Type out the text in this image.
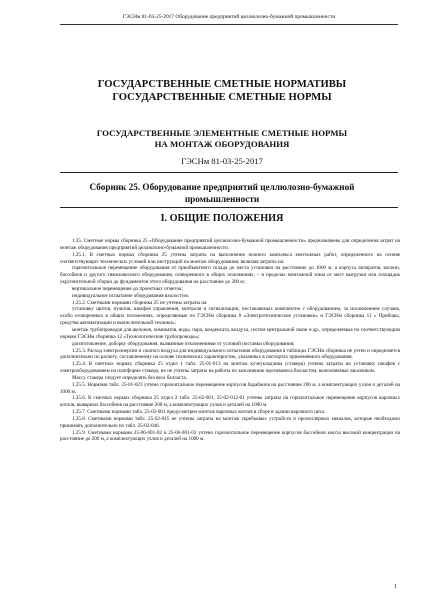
ГЭСНм 81-03-25-2017 Оборудование предприятий целлюлозно-бумажной промышленности
ГОСУДАРСТВЕННЫЕ СМЕТНЫЕ НОРМАТИВЫ
ГОСУДАРСТВЕННЫЕ СМЕТНЫЕ НОРМЫ
ГОСУДАРСТВЕННЫЕ ЭЛЕМЕНТНЫЕ СМЕТНЫЕ НОРМЫ
НА МОНТАЖ ОБОРУДОВАНИЯ
ГЭСНм 81-03-25-2017
Сборник 25. Оборудование предприятий целлюлозно-бумажной
промышленности
I. ОБЩИЕ ПОЛОЖЕНИЯ

1.25. Сметные нормы сборника 25 «Оборудование предприятий целлюлозно-бумажной промышленности» предназначены для определения затрат на монтаж оборудования предприятий целлюлозно-бумажной промышленности.

1.25.1. В сметных нормах сборника 25 учтены затраты на выполнение полного комплекса монтажных работ, определенного на основе соответствующих технических условий или инструкций на монтаж оборудования, включая затраты на:

горизонтальное перемещение оборудования от приобъектного склада до места установки на расстояние до 1000 м, а корпуса аппаратов, колонн, бассейнов и другого тяжеловесного оборудования, оговоренного в общих положениях, – в пределах монтажной зоны от мест выгрузки или площадок укрупнительной сборки до фундаментов этого оборудования на расстояние до 200 м;

вертикальное перемещение до проектных отметок;

индивидуальное испытание оборудования вхолостую.

1.25.2. Сметными нормами сборника 25 не учтены затраты на:

установку щитов, пультов, шкафов управления, контроля и сигнализации, поставляемых комплектно с оборудованием, за исключением случаев, особо оговоренных в общих положениях, определяемые по ГЭСНм сборника 8 «Электротехнические установки» и ГЭСНм сборника 11 « Приборы, средства автоматизации и вычислительной техники»;

монтаж трубопроводов для щелоков, химикатов, воды, пара, конденсата, воздуха, систем центральной связи и др., определяемые по соответствующим нормам ГЭСНм сборника 12 «Технологические трубопроводы»;

доизготовление, доборку оборудования, вызванные отклонениями от условий поставки оборудования;

1.25.3. Расход электроэнергии и сжатого воздуха для индивидуального испытания оборудования в таблицах ГЭСНм сборника не учтен и определяется дополнительно по расчету, составленному на основе технических характеристик, указанных в паспортах применяемого оборудования.

1.25.4. В сметных нормах сборника 25 отдел 1 табл. 25-01-013 на монтаж кучеукладчика (стакера) учтены затраты на установку шкафов с электрооборудованием на платформе стакера, но не учтены затраты на работы по заполнению противовеса балластом, выполняемые заказчиком.

Массу стакера следует определять без веса балласта.

1.25.5. Нормами табл. 25-01-023 учтено горизонтальное перемещение корпусов барабанов на расстояние 200 м, а комплектующих узлов и деталей на 1000 м.

1.25.6. В сметных нормах сборника 25 отдел 2 табл. 25-02-001, 25-02-012-01 учтены затраты на горизонтальное перемещение корпусов варочных котлов, выварных бассейнов на расстояние 200 м, а комплектующих узлов и деталей на 1000 м.

1.25.7. Сметными нормами табл. 25-02-001 предусмотрен монтаж варочных котлов в сборе в здании варочного цеха.

1.25.8. Сметными нормами табл. 25-02-045 не учтены затраты на монтаж скребковых устройств и пропеллерных мешалок, которые необходимо принимать дополнительно по табл. 25-02-046.

1.25.9. Сметными нормами 25-06-001-02 и 25-06-001-03 учтено горизонтальное перемещение корпусов бассейнов массы высокой концентрации на расстояние до 200 м, а комплектующих узлов и деталей на 1000 м.

1
